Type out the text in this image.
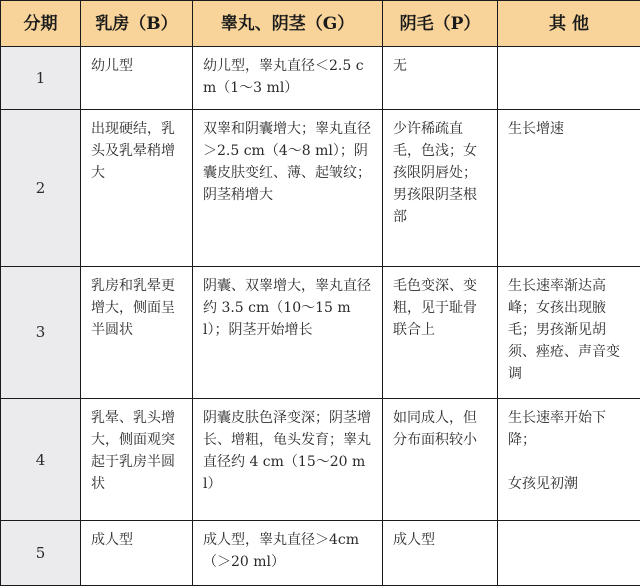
分期	乳房（B）	睾丸、阴茎（G）	阴毛（P）	其 他
1	幼儿型	幼儿型，睾丸直径＜2.5 cm（1～3 ml）	无	
2	出现硬结，乳头及乳晕稍增大	双睾和阴囊增大；睾丸直径＞2.5 cm（4～8 ml）；阴囊皮肤变红、薄、起皱纹；阴茎稍增大	少许稀疏直毛，色浅；女孩限阴唇处；男孩限阴茎根部	生长增速
3	乳房和乳晕更增大，侧面呈半圆状	阴囊、双睾增大，睾丸直径约 3.5 cm（10～15 ml）；阴茎开始增长	毛色变深、变粗，见于耻骨联合上	生长速率渐达高峰；女孩出现腋毛；男孩渐见胡须、痤疮、声音变调
4	乳晕、乳头增大，侧面观突起于乳房半圆状	阴囊皮肤色泽变深；阴茎增长、增粗，龟头发育；睾丸直径约 4 cm（15～20 ml）	如同成人，但分布面积较小	生长速率开始下降；
女孩见初潮

5	成人型	成人型，睾丸直径＞4cm（＞20 ml）	成人型	
